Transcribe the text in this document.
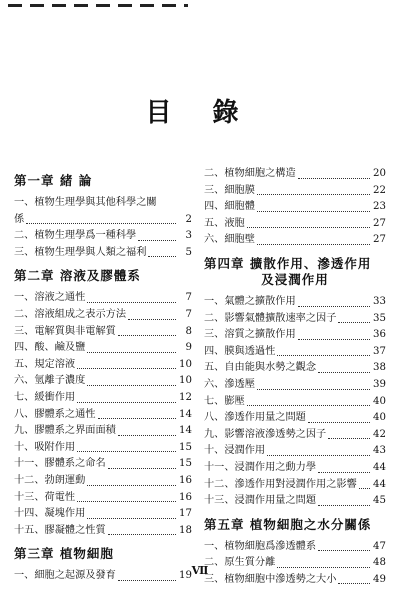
目 錄
第一章 緒 論
一、植物生理學與其他科學之關
係	2
二、植物生理學爲一種科學	3
三、植物生理學與人類之福利	5
第二章 溶液及膠體系
一、溶液之通性	7
二、溶液組成之表示方法	7
三、電解質與非電解質	8
四、酸、鹼及鹽	9
五、規定溶液	10
六、氫離子濃度	10
七、緩衝作用	12
八、膠體系之通性	14
九、膠體系之界面面積	14
十、吸附作用	15
十一、膠體系之命名	15
十二、勃朗運動	16
十三、荷電性	16
十四、凝塊作用	17
十五、膠凝體之性質	18
第三章 植物細胞
一、細胞之起源及發育	19
二、植物細胞之構造	20
三、細胞膜	22
四、細胞體	23
五、液胞	27
六、細胞壁	27
第四章 擴散作用、滲透作用
及浸潤作用
一、氣體之擴散作用	33
二、影響氣體擴散速率之因子	35
三、溶質之擴散作用	36
四、膜與透過性	37
五、自由能與水勢之觀念	38
六、滲透壓	39
七、膨壓	40
八、滲透作用量之問題	40
九、影響溶液滲透勢之因子	42
十、浸潤作用	43
十一、浸潤作用之動力學	44
十二、滲透作用對浸潤作用之影響 44
十三、浸潤作用量之問題	45
第五章 植物細胞之水分關係
一、植物細胞爲滲透體系	47
二、原生質分離	48
三、植物細胞中滲透勢之大小	49
Ⅶ
